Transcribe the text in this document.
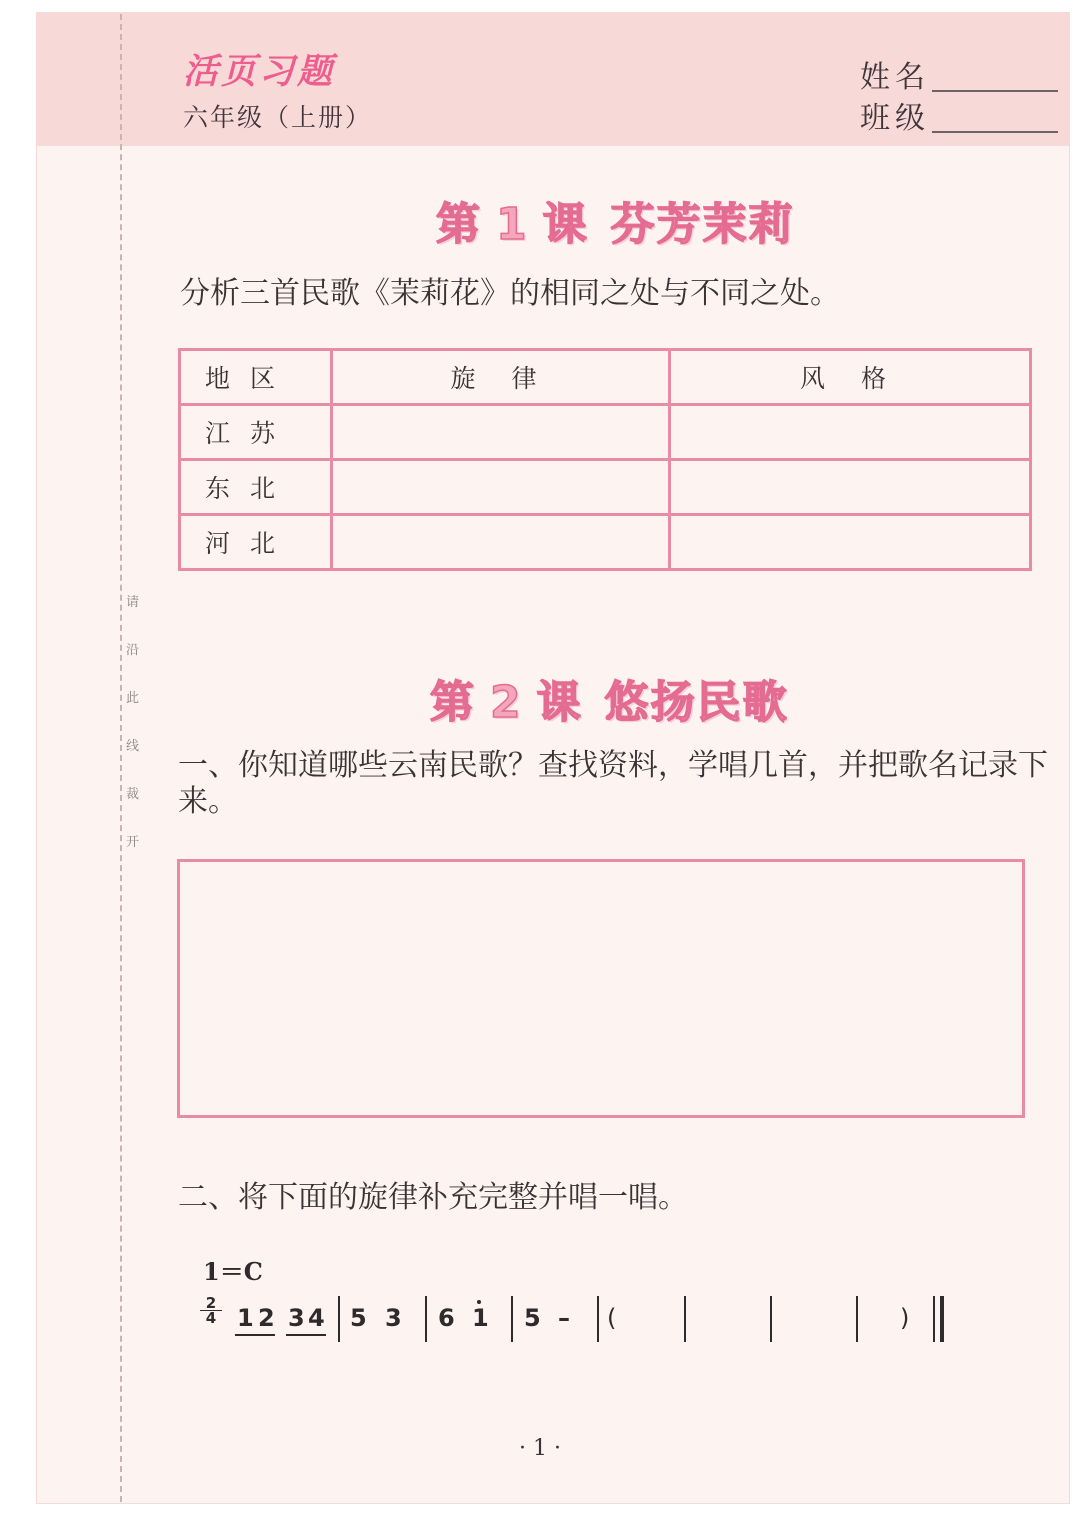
请
沿
此
线
裁
开
活页习题
六年级（上册）
姓名
班级
第 1 课 芬芳茉莉
分析三首民歌《茉莉花》的相同之处与不同之处。
地 区	旋 律	风 格
江 苏		
东 北		
河 北		
第 2 课 悠扬民歌
一、你知道哪些云南民歌？查找资料，学唱几首，并把歌名记录下来。
二、将下面的旋律补充完整并唱一唱。
1＝C
2
4 1 2 3 4 5 3 6 1 5 – (	)
· 1 ·
